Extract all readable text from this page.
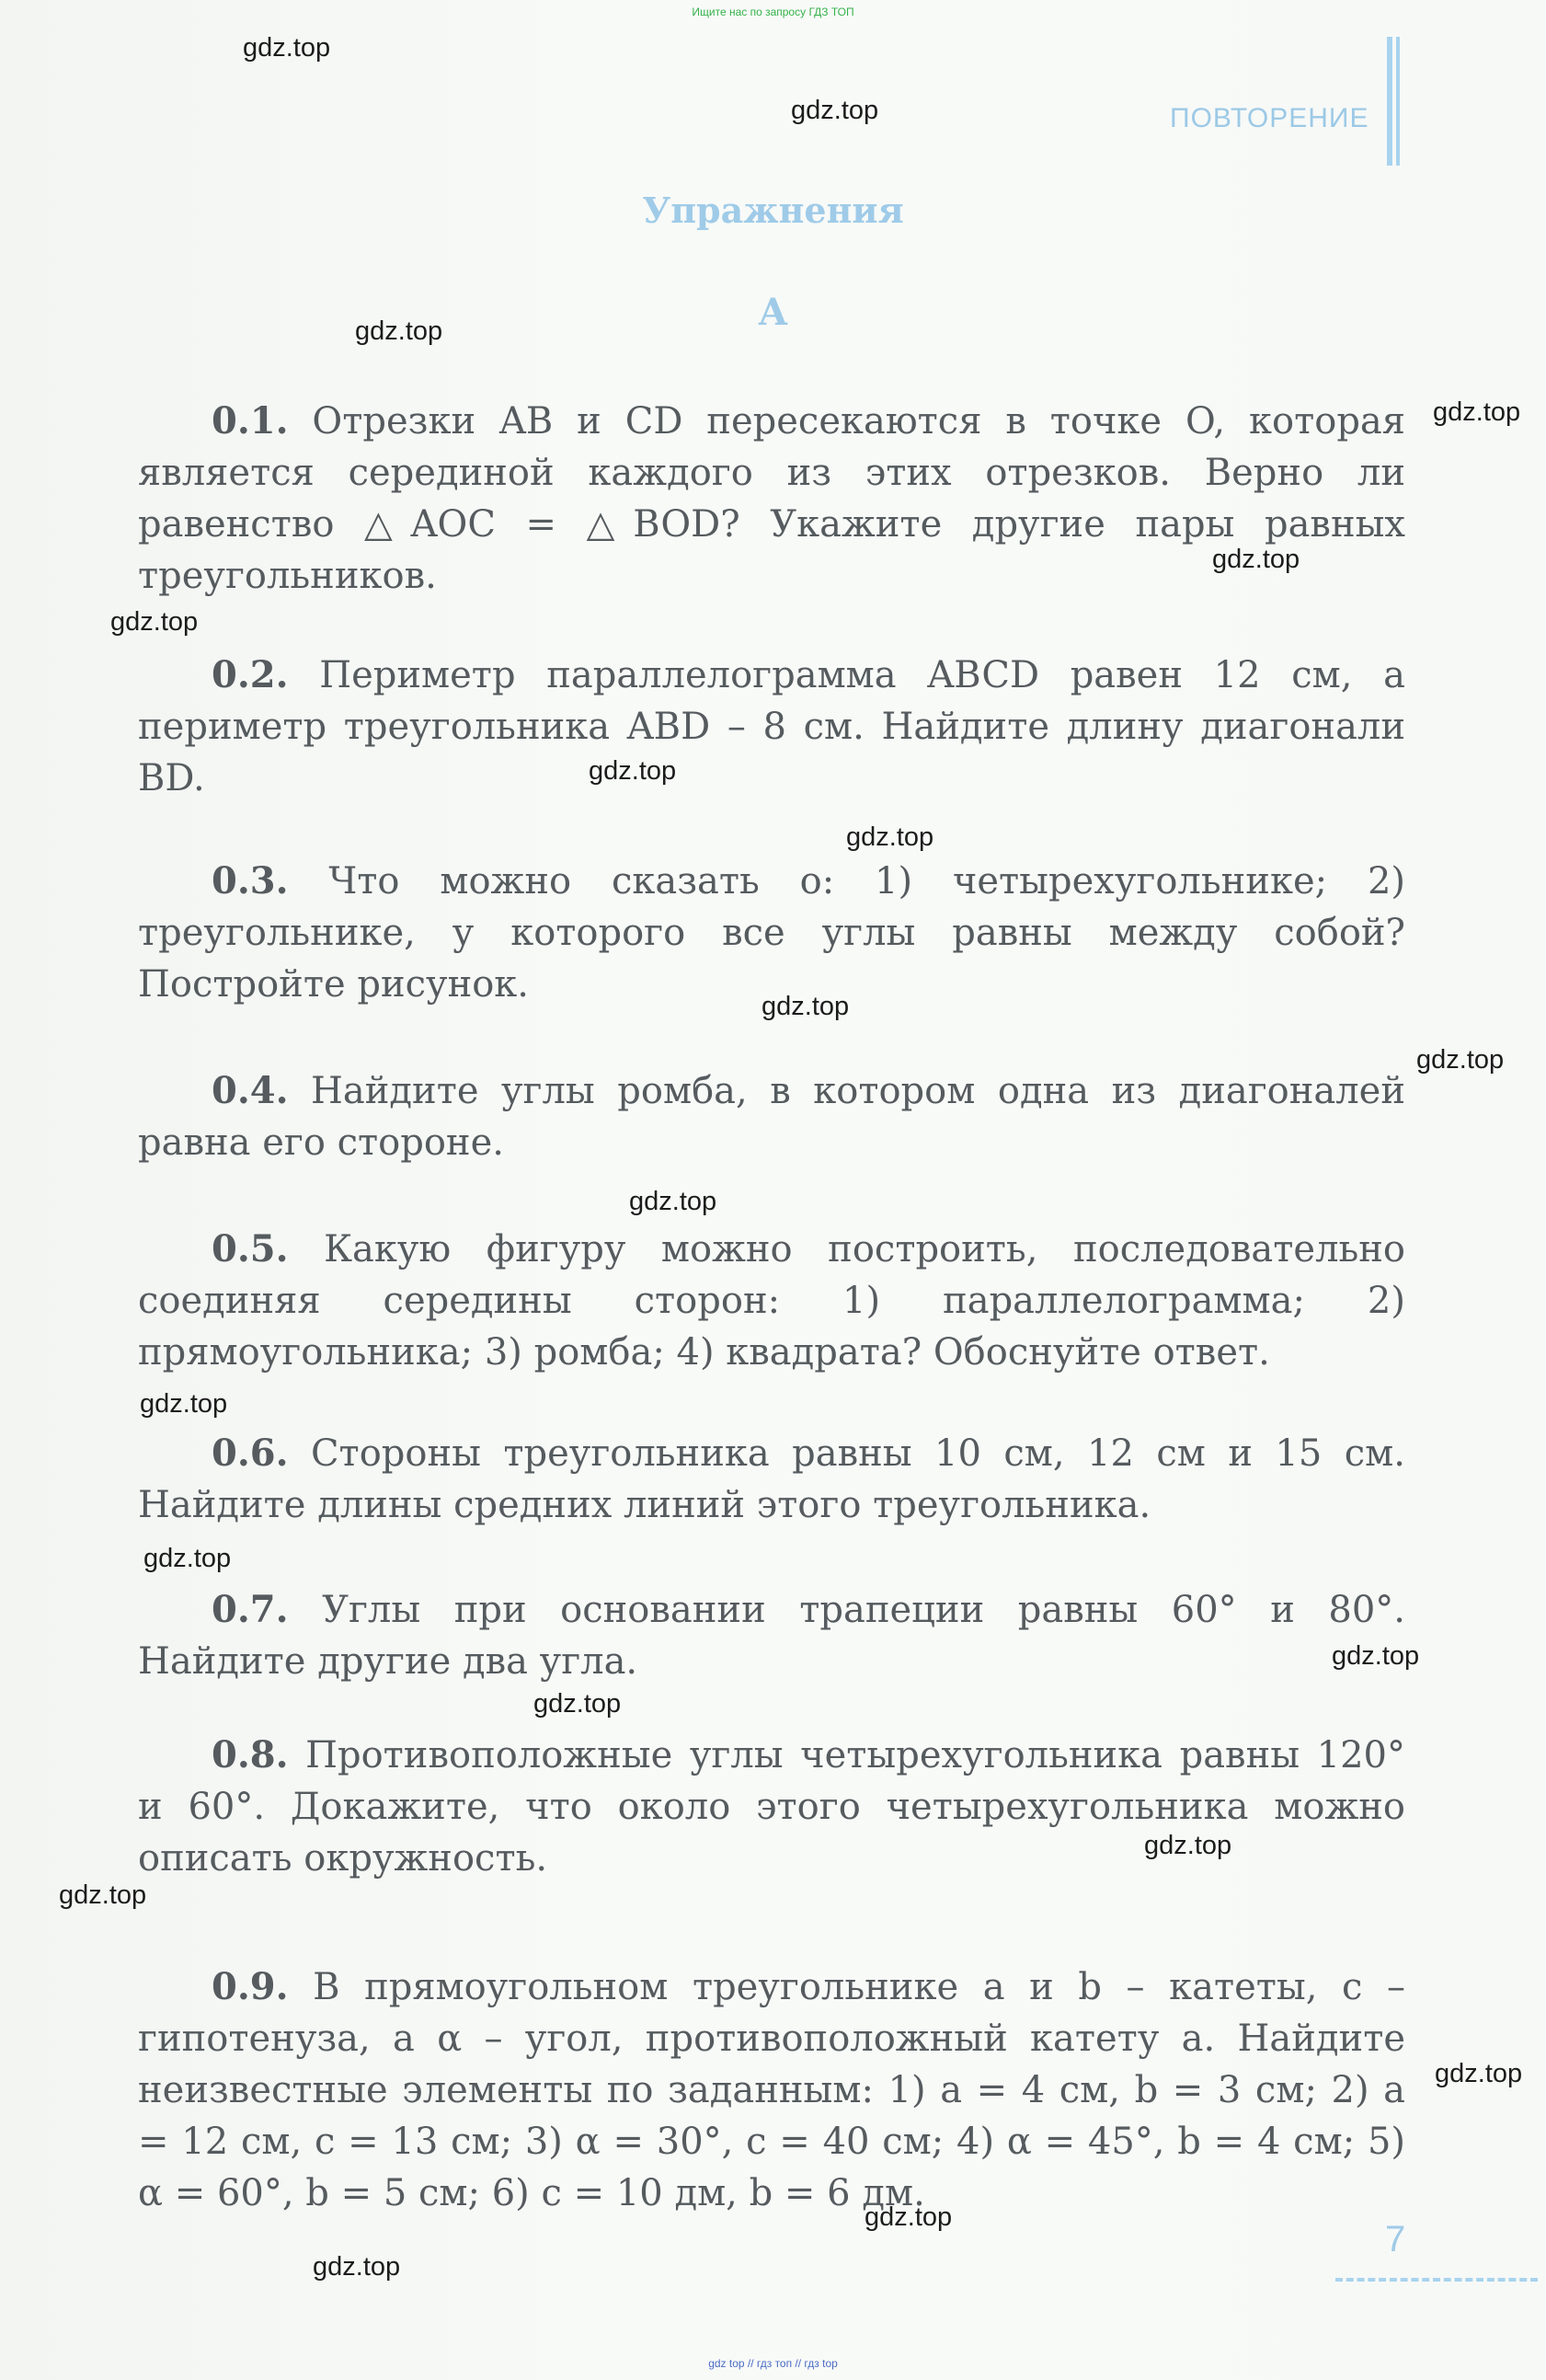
Ищите нас по запросу ГДЗ ТОП
ПОВТОРЕНИЕ
Упражнения
А
0.1. Отрезки AB и CD пересекаются в точке O, которая является серединой каждого из этих отрезков. Верно ли равенство △AOC = △BOD? Укажите другие пары равных треугольников.
0.2. Периметр параллелограмма ABCD равен 12 см, а периметр треугольника ABD – 8 см. Найдите длину диагонали BD.
0.3. Что можно сказать о: 1) четырехугольнике; 2) треугольнике, у которого все углы равны между собой? Постройте рисунок.
0.4. Найдите углы ромба, в котором одна из диагоналей равна его стороне.
0.5. Какую фигуру можно построить, последовательно соединяя середины сторон: 1) параллелограмма; 2) прямоугольника; 3) ромба; 4) квадрата? Обоснуйте ответ.
0.6. Стороны треугольника равны 10 см, 12 см и 15 см. Найдите длины средних линий этого треугольника.
0.7. Углы при основании трапеции равны 60° и 80°. Найдите другие два угла.
0.8. Противоположные углы четырехугольника равны 120° и 60°. Докажите, что около этого четырехугольника можно описать окружность.
0.9. В прямоугольном треугольнике a и b – катеты, c – гипотенуза, а α – угол, противоположный катету a. Найдите неизвестные элементы по заданным: 1) a = 4 см, b = 3 см; 2) a = 12 см, c = 13 см; 3) α = 30°, c = 40 см; 4) α = 45°, b = 4 см; 5) α = 60°, b = 5 см; 6) c = 10 дм, b = 6 дм.
gdz.top
gdz.top
gdz.top
gdz.top
gdz.top
gdz.top
gdz.top
gdz.top
gdz.top
gdz.top
gdz.top
gdz.top
gdz.top
gdz.top
gdz.top
gdz.top
gdz.top
gdz.top
gdz.top
gdz.top
7
gdz top // гдз топ // гдз top
